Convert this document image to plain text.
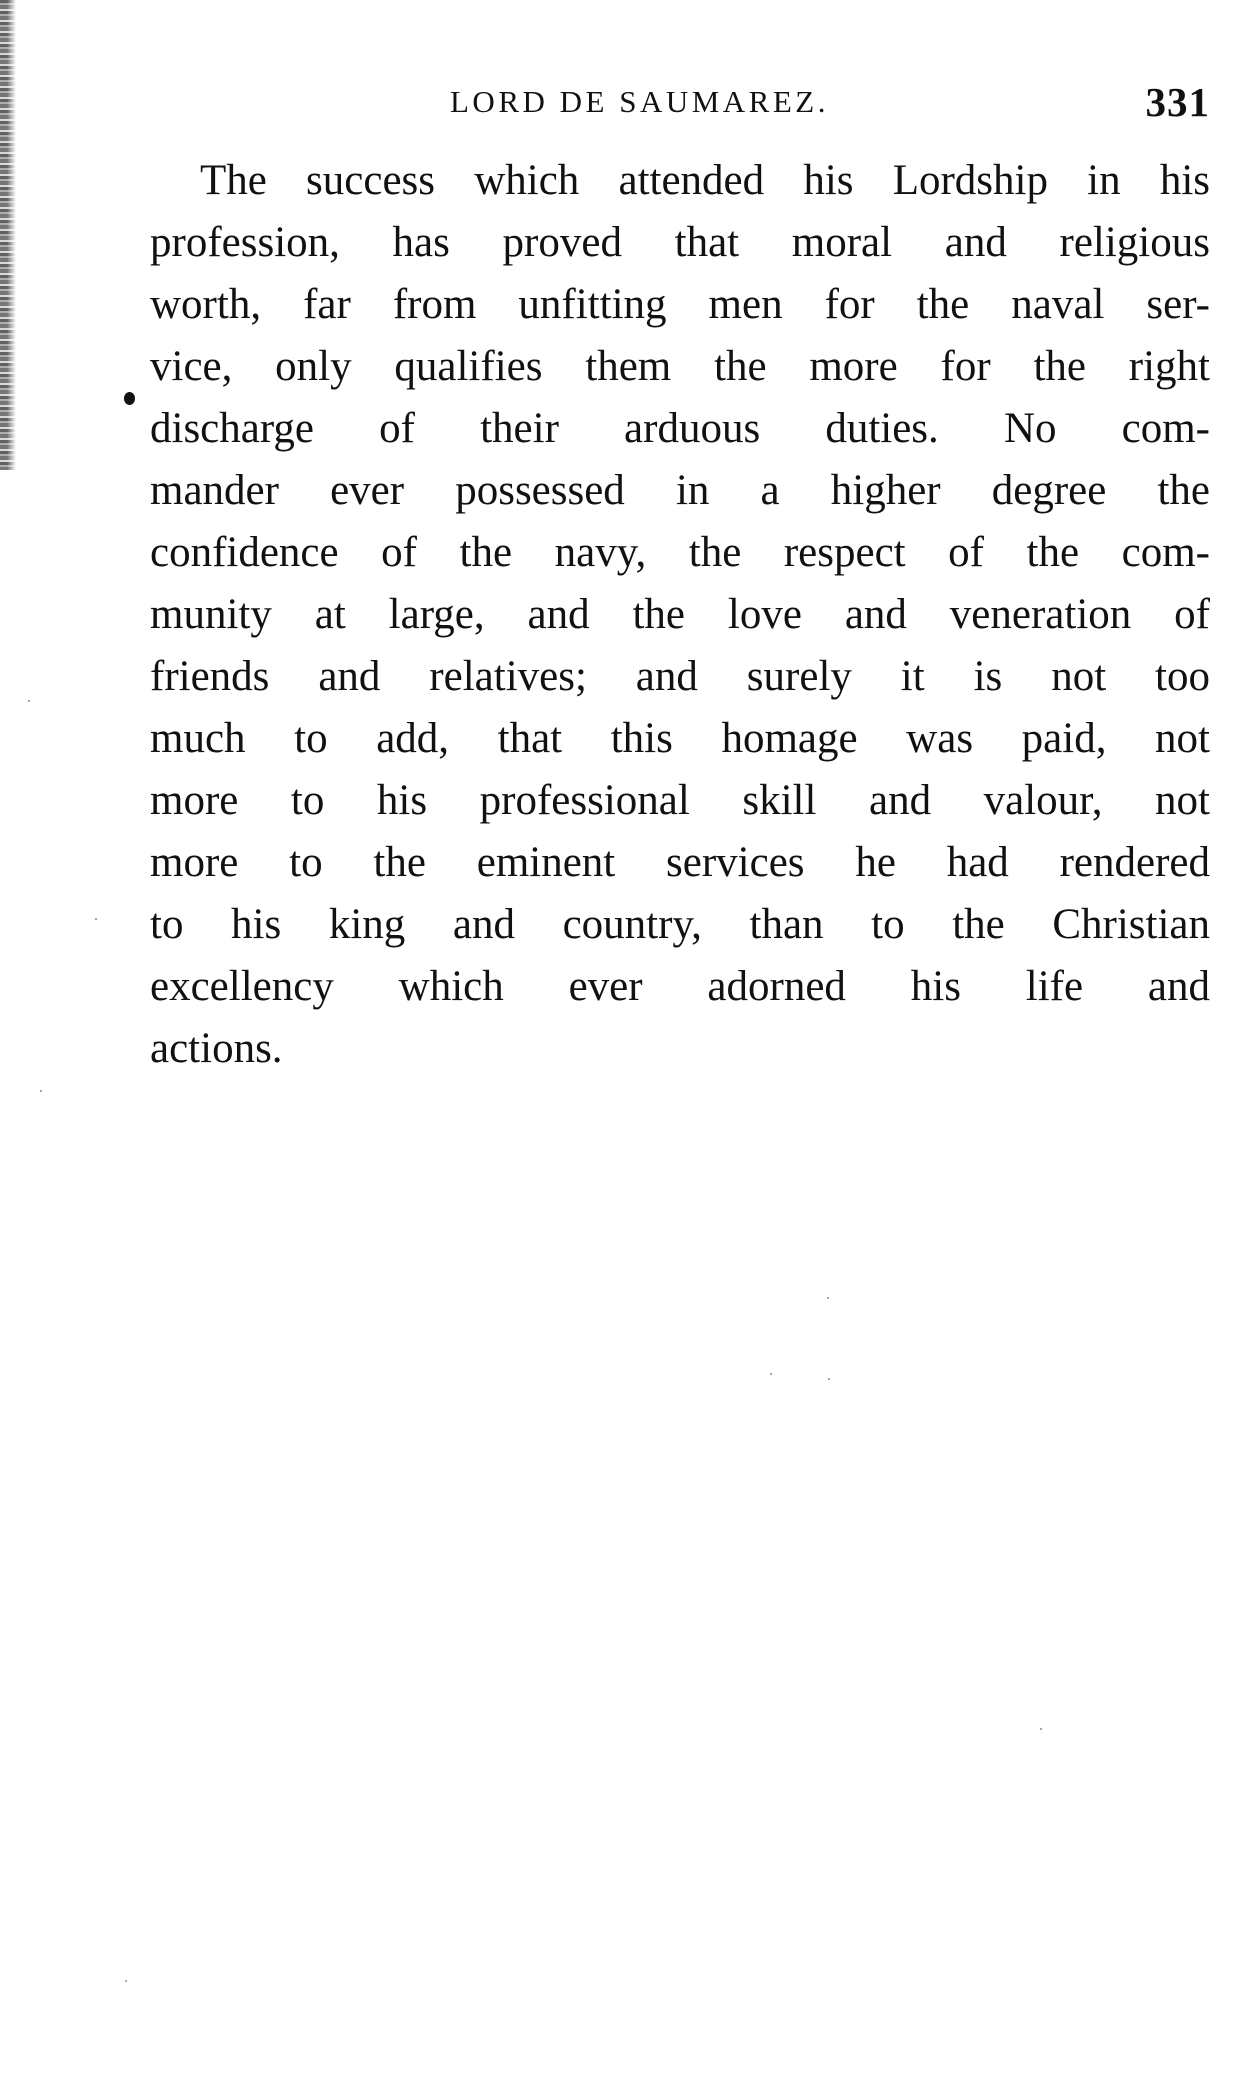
LORD DE SAUMAREZ.	331
The success which attended his Lordship in his
profession, has proved that moral and religious
worth, far from unfitting men for the naval ser-
vice, only qualifies them the more for the right
discharge of their arduous duties. No com-
mander ever possessed in a higher degree the
confidence of the navy, the respect of the com-
munity at large, and the love and veneration of
friends and relatives; and surely it is not too
much to add, that this homage was paid, not
more to his professional skill and valour, not
more to the eminent services he had rendered
to his king and country, than to the Christian
excellency which ever adorned his life and
actions.
